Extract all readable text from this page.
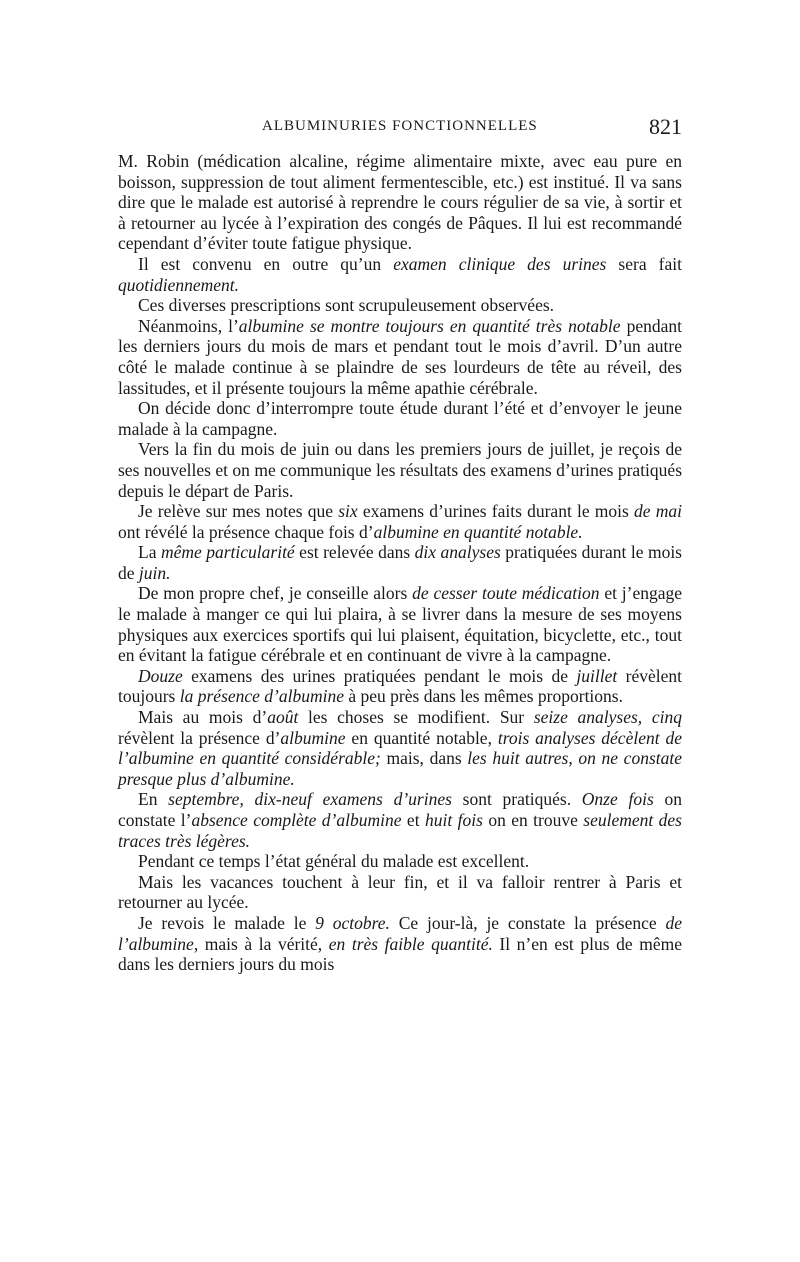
ALBUMINURIES FONCTIONNELLES	821

M. Robin (médication alcaline, régime alimentaire mixte, avec eau pure en boisson, suppression de tout aliment fermentescible, etc.) est institué. Il va sans dire que le malade est autorisé à reprendre le cours régulier de sa vie, à sortir et à retourner au lycée à l’expiration des congés de Pâques. Il lui est recommandé cependant d’éviter toute fatigue physique.

Il est convenu en outre qu’un examen clinique des urines sera fait quotidiennement.

Ces diverses prescriptions sont scrupuleusement observées.

Néanmoins, l’albumine se montre toujours en quantité très notable pendant les derniers jours du mois de mars et pendant tout le mois d’avril. D’un autre côté le malade continue à se plaindre de ses lourdeurs de tête au réveil, des lassitudes, et il présente toujours la même apathie cérébrale.

On décide donc d’interrompre toute étude durant l’été et d’envoyer le jeune malade à la campagne.

Vers la fin du mois de juin ou dans les premiers jours de juillet, je reçois de ses nouvelles et on me communique les résultats des examens d’urines pratiqués depuis le départ de Paris.

Je relève sur mes notes que six examens d’urines faits durant le mois de mai ont révélé la présence chaque fois d’albumine en quantité notable.

La même particularité est relevée dans dix analyses pratiquées durant le mois de juin.

De mon propre chef, je conseille alors de cesser toute médication et j’engage le malade à manger ce qui lui plaira, à se livrer dans la mesure de ses moyens physiques aux exercices sportifs qui lui plaisent, équitation, bicyclette, etc., tout en évitant la fatigue cérébrale et en continuant de vivre à la campagne.

Douze examens des urines pratiquées pendant le mois de juillet révèlent toujours la présence d’albumine à peu près dans les mêmes proportions.

Mais au mois d’août les choses se modifient. Sur seize analyses, cinq révèlent la présence d’albumine en quantité notable, trois analyses décèlent de l’albumine en quantité considérable; mais, dans les huit autres, on ne constate presque plus d’albumine.

En septembre, dix-neuf examens d’urines sont pratiqués. Onze fois on constate l’absence complète d’albumine et huit fois on en trouve seulement des traces très légères.

Pendant ce temps l’état général du malade est excellent.

Mais les vacances touchent à leur fin, et il va falloir rentrer à Paris et retourner au lycée.

Je revois le malade le 9 octobre. Ce jour-là, je constate la présence de l’albumine, mais à la vérité, en très faible quantité. Il n’en est plus de même dans les derniers jours du mois
